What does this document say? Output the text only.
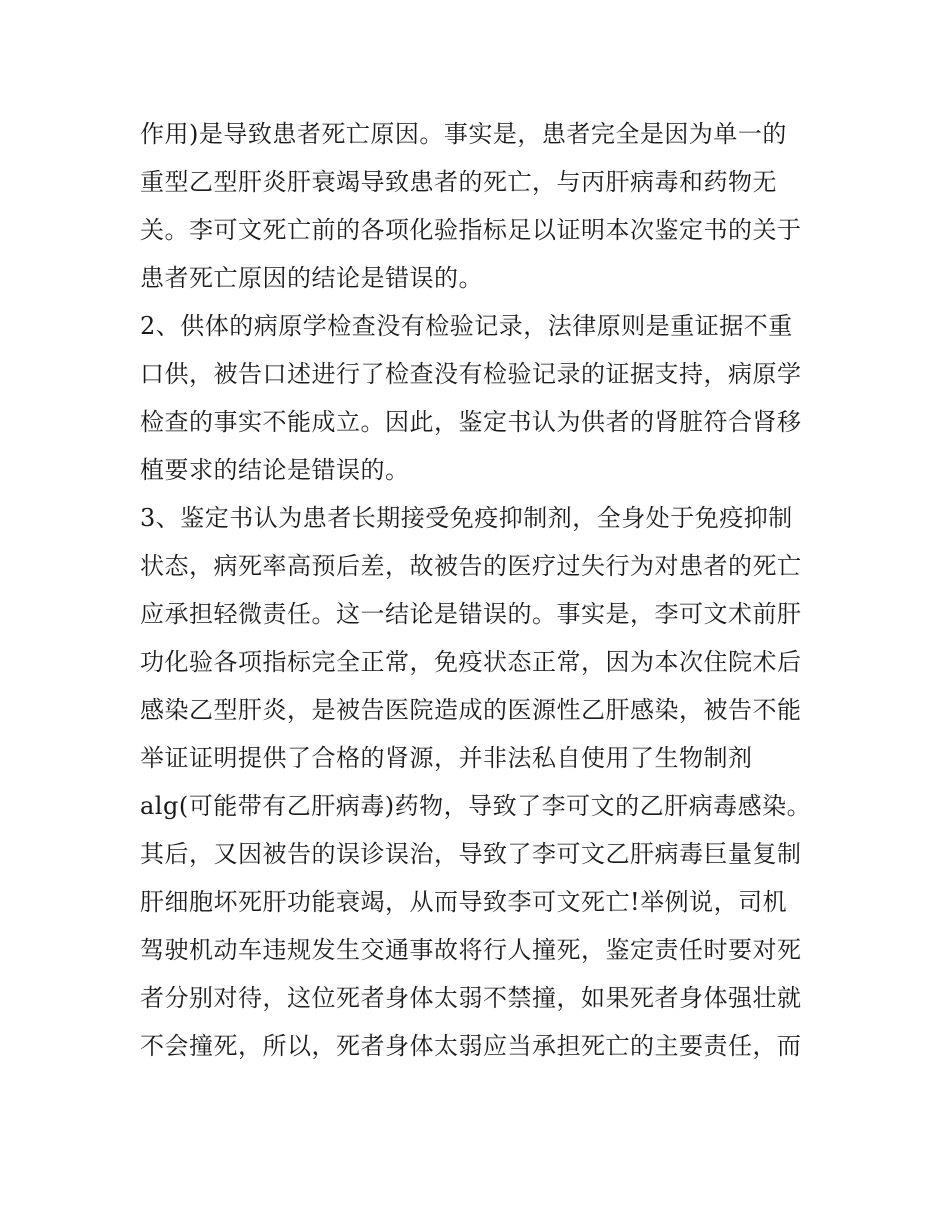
作用)是导致患者死亡原因。事实是，患者完全是因为单一的
重型乙型肝炎肝衰竭导致患者的死亡，与丙肝病毒和药物无
关。李可文死亡前的各项化验指标足以证明本次鉴定书的关于
患者死亡原因的结论是错误的。
2、供体的病原学检查没有检验记录，法律原则是重证据不重
口供，被告口述进行了检查没有检验记录的证据支持，病原学
检查的事实不能成立。因此，鉴定书认为供者的肾脏符合肾移
植要求的结论是错误的。
3、鉴定书认为患者长期接受免疫抑制剂，全身处于免疫抑制
状态，病死率高预后差，故被告的医疗过失行为对患者的死亡
应承担轻微责任。这一结论是错误的。事实是，李可文术前肝
功化验各项指标完全正常，免疫状态正常，因为本次住院术后
感染乙型肝炎，是被告医院造成的医源性乙肝感染，被告不能
举证证明提供了合格的肾源，并非法私自使用了生物制剂
alg(可能带有乙肝病毒)药物，导致了李可文的乙肝病毒感染。
其后，又因被告的误诊误治，导致了李可文乙肝病毒巨量复制
肝细胞坏死肝功能衰竭，从而导致李可文死亡!举例说，司机
驾驶机动车违规发生交通事故将行人撞死，鉴定责任时要对死
者分别对待，这位死者身体太弱不禁撞，如果死者身体强壮就
不会撞死，所以，死者身体太弱应当承担死亡的主要责任，而
